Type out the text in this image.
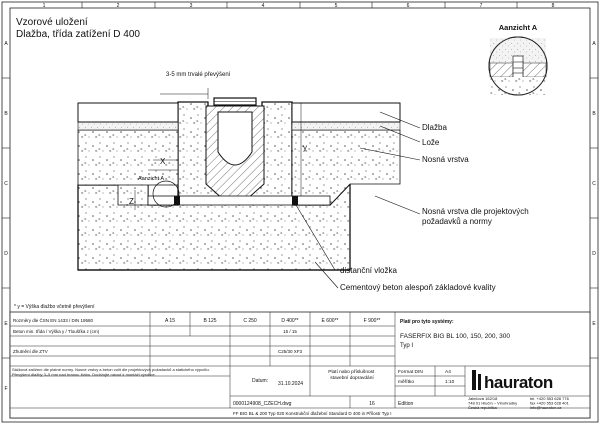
1	2	3	4	5	6	7	8
A
B
C
D
E
F
A
B
C
D
E
Vzorové uložení
Dlažba, třída zatížení D 400
Aanzicht A
Aanzicht A
3-5 mm trvalé převýšení
X
y
Z
Dlažba
Lože
Nosná vrstva
Nosná vrstva dle projektových požadavků a normy
distanční vložka
Cementový beton alespoň základové kvality
* y = Výška dlažbo včetně převýšení
Rozměry dle ČSN EN 1433 / DIN 19580	A 15	B 125	C 250	D 400**	E 600**	F 900**
Beton min. třída / Výška y / Tloušťka z (cm)	15 / 15
Zhutnění dle ZTV	C25/30 XF3
Sáčková zatížení dle platné normy. Nosné vrstvy a beton volit dle projektových požadavků a statického výpočtu. Převýšení dlažby 3–5 mm nad hranou žlabu. Dodržujte návod k montáži výrobce.
Platí pro tyto systémy:
FASERFIX BIG BL 100, 150, 200, 300
Typ I
Datum: 31.10.2024
Platí nabo příslušnost stavební dopravdání
0000124908_CZECH.dwg	16	Edition
Format DIN	A4
měřítko	1:10 hauraton
Jatečová 162/18
748 01 Hlučín – Vinohradky
Česká republika
tel. +420 553 628 776
fax +420 553 628 401
info@hauraton.cz
FF BIG BL & 200 Typ 020 Konstrukční dlažební Standard D 400 in Přílostr Typ I
